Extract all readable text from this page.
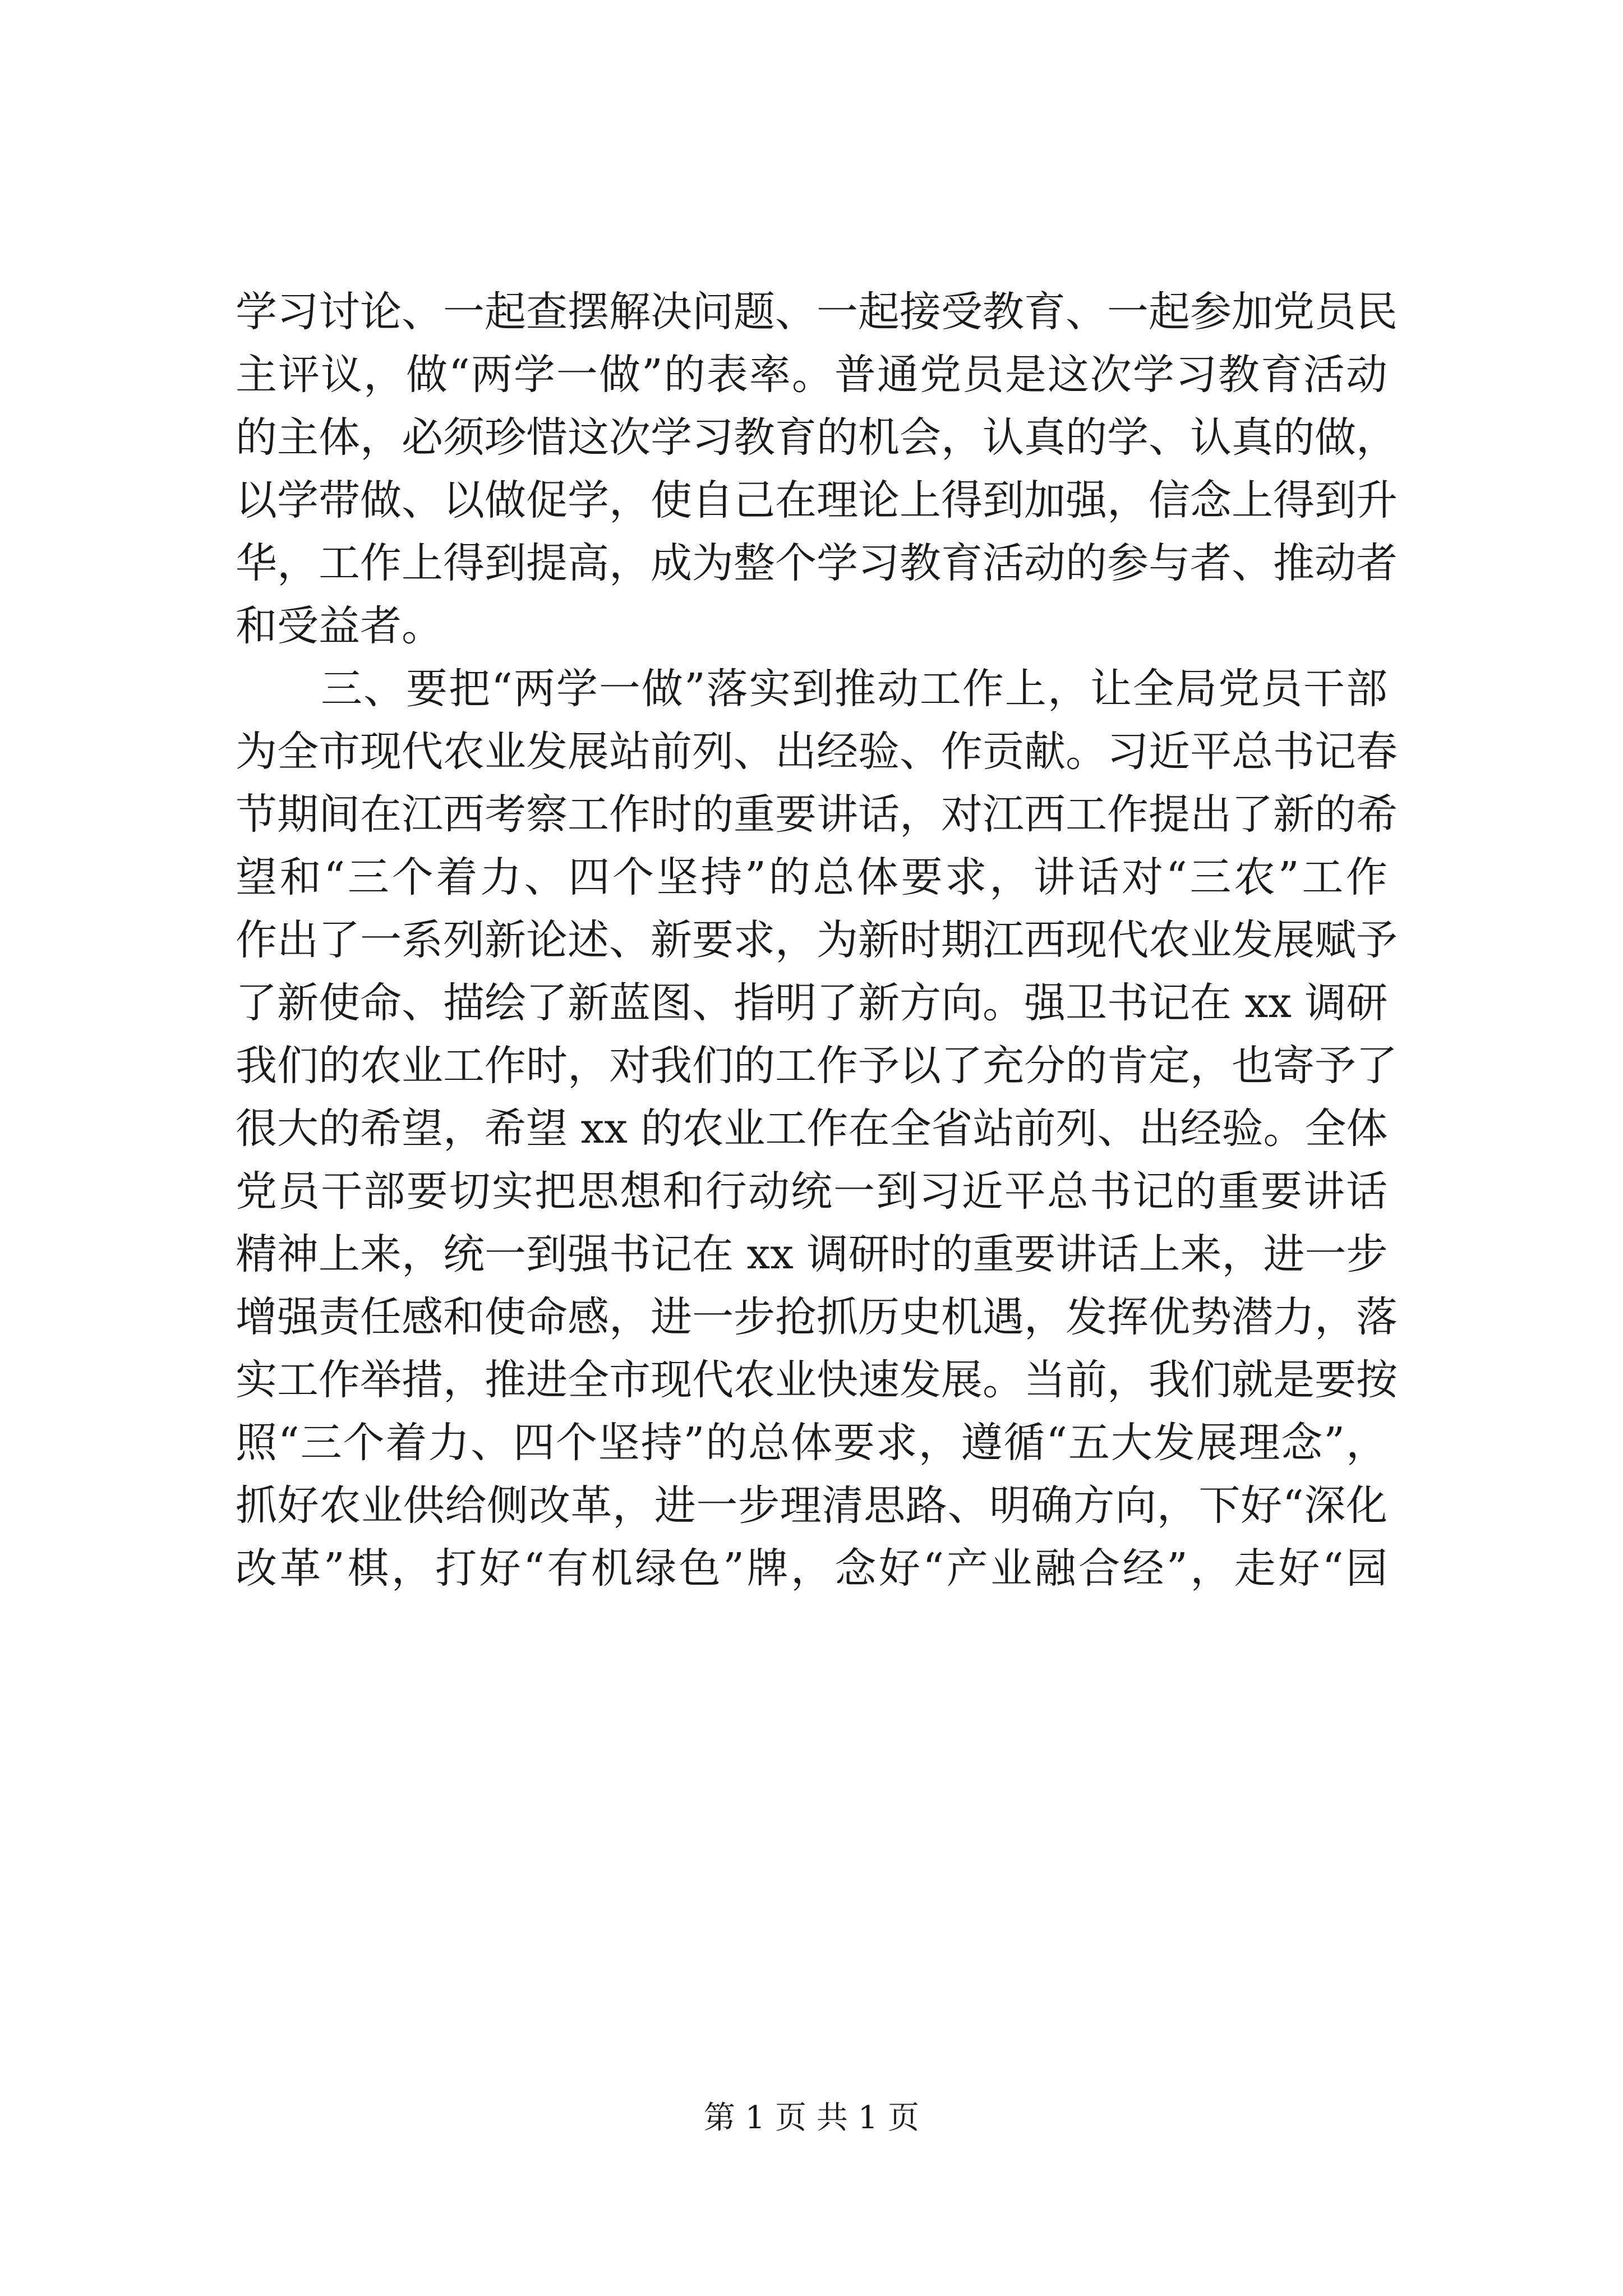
学习讨论、一起查摆解决问题、一起接受教育、一起参加党员民
主评议，做“两学一做”的表率。普通党员是这次学习教育活动
的主体，必须珍惜这次学习教育的机会，认真的学、认真的做，
以学带做、以做促学，使自己在理论上得到加强，信念上得到升
华，工作上得到提高，成为整个学习教育活动的参与者、推动者
和受益者。
三、要把“两学一做”落实到推动工作上，让全局党员干部
为全市现代农业发展站前列、出经验、作贡献。习近平总书记春
节期间在江西考察工作时的重要讲话，对江西工作提出了新的希
望和“三个着力、四个坚持”的总体要求，讲话对“三农”工作
作出了一系列新论述、新要求，为新时期江西现代农业发展赋予
了新使命、描绘了新蓝图、指明了新方向。强卫书记在 xx 调研
我们的农业工作时，对我们的工作予以了充分的肯定，也寄予了
很大的希望，希望 xx 的农业工作在全省站前列、出经验。全体
党员干部要切实把思想和行动统一到习近平总书记的重要讲话
精神上来，统一到强书记在 xx 调研时的重要讲话上来，进一步
增强责任感和使命感，进一步抢抓历史机遇，发挥优势潜力，落
实工作举措，推进全市现代农业快速发展。当前，我们就是要按
照“三个着力、四个坚持”的总体要求，遵循“五大发展理念”，
抓好农业供给侧改革，进一步理清思路、明确方向，下好“深化
改革”棋，打好“有机绿色”牌，念好“产业融合经”，走好“园
第 1 页 共 1 页
